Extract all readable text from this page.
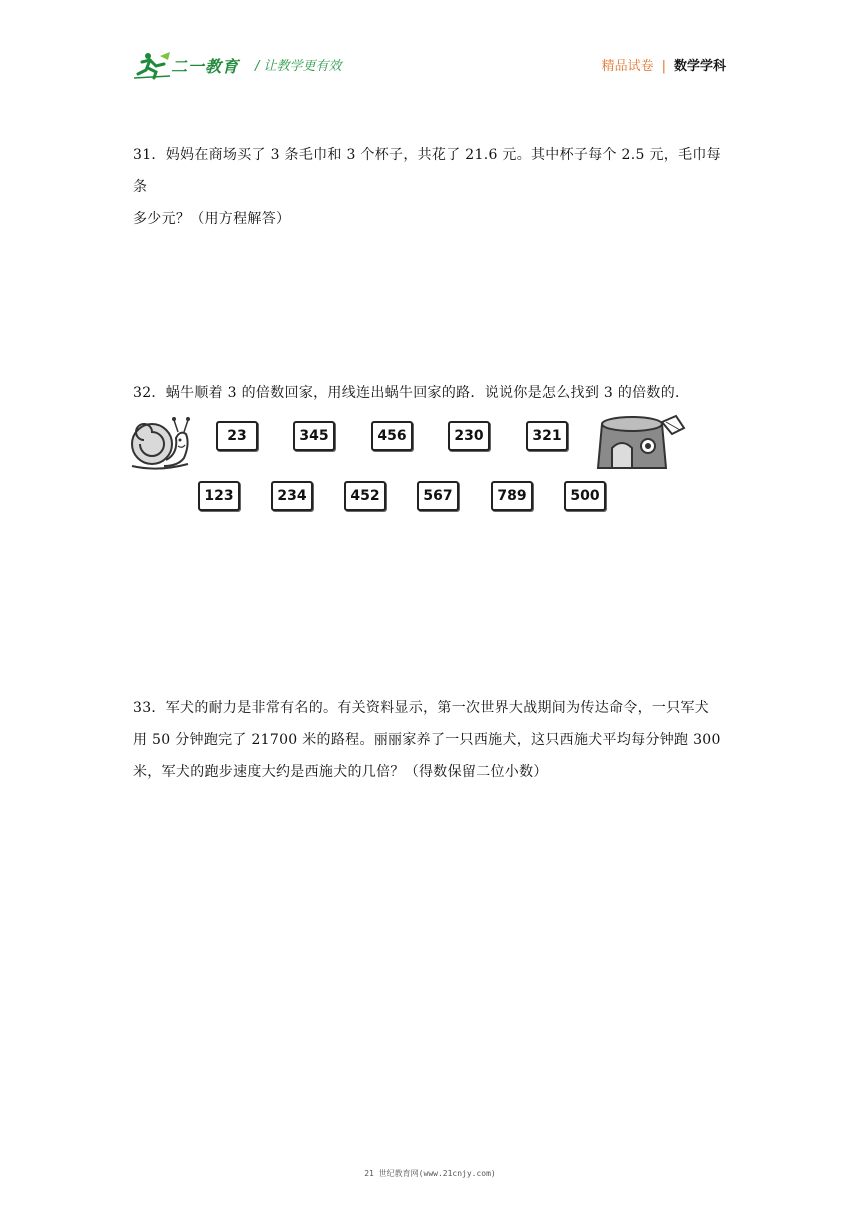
二一教育 / 让教学更有效	精品试卷 | 数学学科
31．妈妈在商场买了 3 条毛巾和 3 个杯子，共花了 21.6 元。其中杯子每个 2.5 元，毛巾每条
多少元？（用方程解答）
32．蜗牛顺着 3 的倍数回家，用线连出蜗牛回家的路．说说你是怎么找到 3 的倍数的．
23	345	456	230	321
123	234	452	567	789	500
33．军犬的耐力是非常有名的。有关资料显示，第一次世界大战期间为传达命令，一只军犬
用 50 分钟跑完了 21700 米的路程。丽丽家养了一只西施犬，这只西施犬平均每分钟跑 300
米，军犬的跑步速度大约是西施犬的几倍？（得数保留二位小数）
21 世纪教育网(www.21cnjy.com)
